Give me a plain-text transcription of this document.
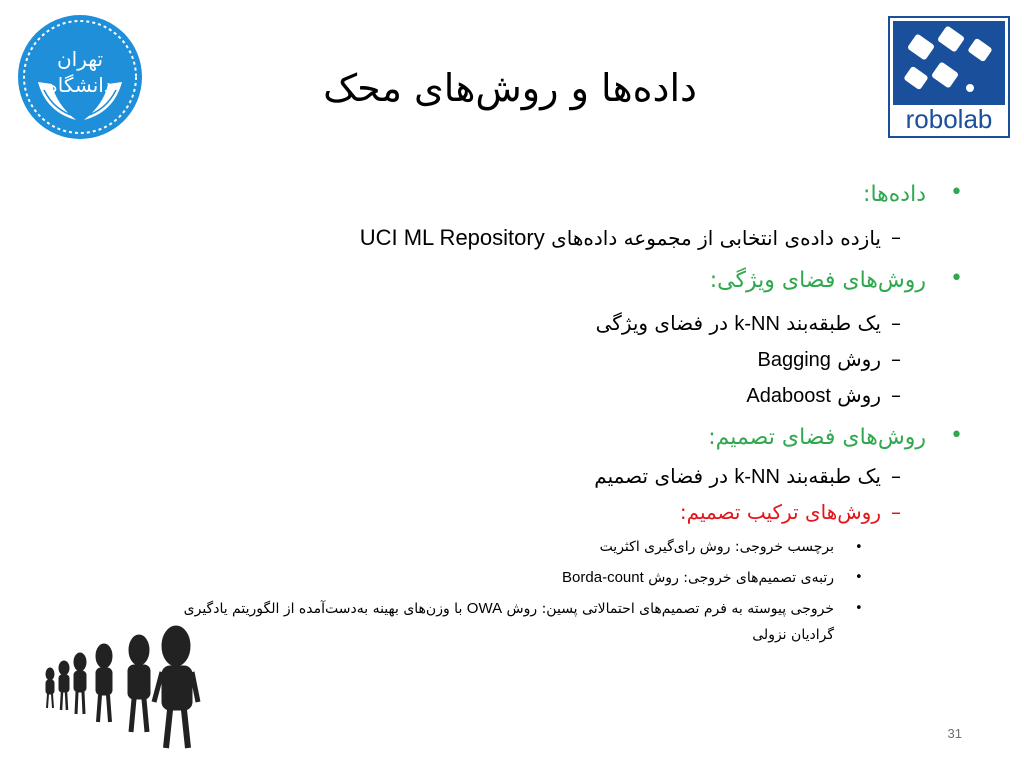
تهران
دانشگاه
robolab
داده‌ها و روش‌های محک
•
داده‌ها:
–
یازده داده‌ی انتخابی از مجموعه داده‌های UCI ML Repository
•
روش‌های فضای ویژگی:
–
یک طبقه‌بند k-NN در فضای ویژگی
–
روش Bagging
–
روش Adaboost
•
روش‌های فضای تصمیم:
–
یک طبقه‌بند k-NN در فضای تصمیم
–
روش‌های ترکیب تصمیم:
•
برچسب خروجی: روش رای‌گیری اکثریت
•
رتبه‌ی تصمیم‌های خروجی: روش Borda-count
•
خروجی پیوسته به فرم تصمیم‌های احتمالاتی پسین: روش OWA با وزن‌های بهینه به‌دست‌آمده از الگوریتم یادگیری
گرادیان نزولی
31
